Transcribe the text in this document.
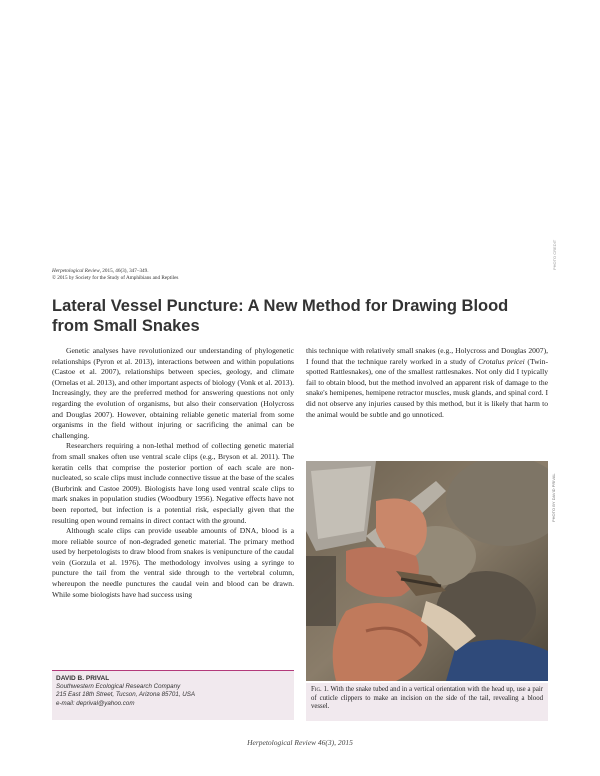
PHOTO CREDIT
Herpetological Review, 2015, 46(3), 347–349.
© 2015 by Society for the Study of Amphibians and Reptiles
Lateral Vessel Puncture: A New Method for Drawing Blood from Small Snakes

Genetic analyses have revolutionized our understanding of phylogenetic relationships (Pyron et al. 2013), interactions between and within populations (Castoe et al. 2007), relationships between species, geology, and climate (Ornelas et al. 2013), and other important aspects of biology (Vonk et al. 2013). Increasingly, they are the preferred method for answering questions not only regarding the evolution of organisms, but also their conservation (Holycross and Douglas 2007). However, obtaining reliable genetic material from some organisms in the field without injuring or sacrificing the animal can be challenging.

Researchers requiring a non-lethal method of collecting genetic material from small snakes often use ventral scale clips (e.g., Bryson et al. 2011). The keratin cells that comprise the posterior portion of each scale are non-nucleated, so scale clips must include connective tissue at the base of the scales (Burbrink and Castoe 2009). Biologists have long used ventral scale clips to mark snakes in population studies (Woodbury 1956). Negative effects have not been reported, but infection is a potential risk, especially given that the resulting open wound remains in direct contact with the ground.

Although scale clips can provide useable amounts of DNA, blood is a more reliable source of non-degraded genetic material. The primary method used by herpetologists to draw blood from snakes is venipuncture of the caudal vein (Gorzula et al. 1976). The methodology involves using a syringe to puncture the tail from the ventral side through to the vertebral column, whereupon the needle punctures the caudal vein and blood can be drawn. While some biologists have had success using

this technique with relatively small snakes (e.g., Holycross and Douglas 2007), I found that the technique rarely worked in a study of Crotalus pricei (Twin-spotted Rattlesnakes), one of the smallest rattlesnakes. Not only did I typically fail to obtain blood, but the method involved an apparent risk of damage to the snake's hemipenes, hemipene retractor muscles, musk glands, and spinal cord. I did not observe any injuries caused by this method, but it is likely that harm to the animal would be subtle and go unnoticed.

PHOTO BY DAVID PRIVAL
DAVID B. PRIVAL
Southwestern Ecological Research Company
215 East 18th Street, Tucson, Arizona 85701, USA
e-mail: deprival@yahoo.com
Fig. 1. With the snake tubed and in a vertical orientation with the head up, use a pair of cuticle clippers to make an incision on the side of the tail, revealing a blood vessel.
Herpetological Review 46(3), 2015
